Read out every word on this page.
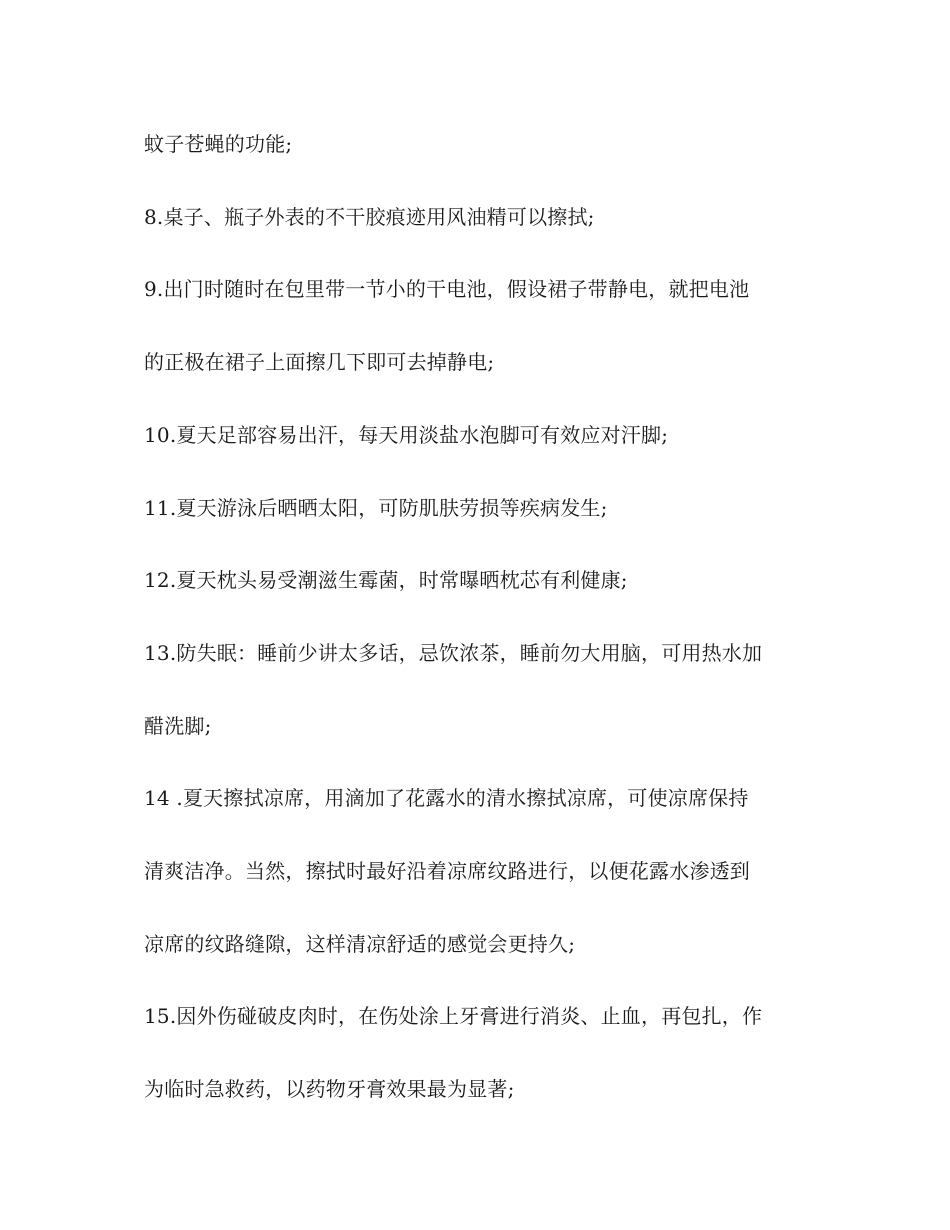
蚊子苍蝇的功能;
8.桌子、瓶子外表的不干胶痕迹用风油精可以擦拭;
9.出门时随时在包里带一节小的干电池，假设裙子带静电，就把电池
的正极在裙子上面擦几下即可去掉静电;
10.夏天足部容易出汗，每天用淡盐水泡脚可有效应对汗脚;
11.夏天游泳后晒晒太阳，可防肌肤劳损等疾病发生;
12.夏天枕头易受潮滋生霉菌，时常曝晒枕芯有利健康;
13.防失眠：睡前少讲太多话，忌饮浓茶，睡前勿大用脑，可用热水加
醋洗脚;
14 .夏天擦拭凉席，用滴加了花露水的清水擦拭凉席，可使凉席保持
清爽洁净。当然，擦拭时最好沿着凉席纹路进行，以便花露水渗透到
凉席的纹路缝隙，这样清凉舒适的感觉会更持久;
15.因外伤碰破皮肉时，在伤处涂上牙膏进行消炎、止血，再包扎，作
为临时急救药，以药物牙膏效果最为显著;
